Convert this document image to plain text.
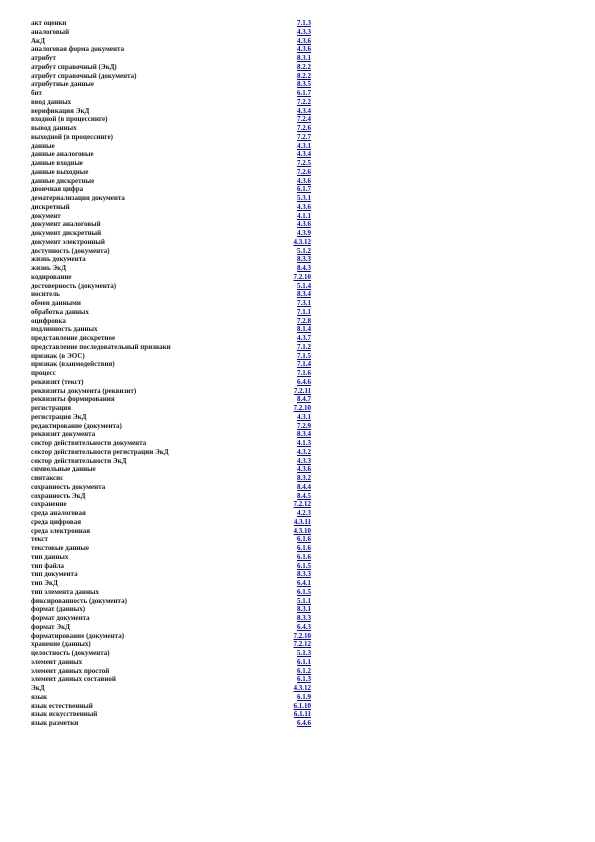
акт оценки	7.1.3
аналоговый	4.3.3
АкД	4.3.6
аналоговая форма документа	4.3.6
атрибут	8.3.1
атрибут справочный (ЭкД)	8.2.2
атрибут справочный (документа)	8.2.2
атрибутные данные	8.3.5
бит	6.1.7
ввод данных	7.2.2
верификация ЭкД	4.3.4
входной (в процессинге)	7.2.4
вывод данных	7.2.6
выходной (в процессинге)	7.2.7
данные	4.3.1
данные аналоговые	4.3.4
данные входные	7.2.5
данные выходные	7.2.6
данные дискретные	4.3.6
двоичная цифра	6.1.7
дематериализация документа	5.3.1
дискретный	4.3.6
документ	4.1.1
документ аналоговый	4.3.6
документ дискретный	4.3.9
документ электронный	4.3.12
доступность (документа)	5.1.2
жизнь документа	8.3.3
жизнь ЭкД	8.4.3
кодирование	7.2.10
достоверность (документа)	5.1.4
носитель	8.3.4
обмен данными	7.3.1
обработка данных	7.1.1
оцифровка	7.2.8
подлинность данных	8.1.4
представление дискретное	4.3.7
представление последовательный признаки	7.1.2
признак (в ЭОС)	7.1.5
признак (взаимодействия)	7.1.4
процесс	7.1.6
реквизит (текст)	6.4.6
реквизиты документа (реквизит)	7.2.11
реквизиты формирования	8.4.7
регистрация	7.2.10
регистрация ЭкД	4.3.1
редактирование (документа)	7.2.9
реквизит документа	8.3.4
сектор действительности документа	4.1.3
сектор действительности регистрации ЭкД	4.3.2
сектор действительности ЭкД	4.3.3
символьные данные	4.3.6
синтаксис	8.3.2
сохранность документа	8.4.4
сохранность ЭкД	8.4.5
сохранение	7.2.12
среда аналоговая	4.2.3
среда цифровая	4.3.11
среда электронная	4.3.10
текст	6.1.6
текстовые данные	6.1.6
тип данных	6.1.6
тип файла	6.1.5
тип документа	8.3.3
тип ЭкД	6.4.1
тип элемента данных	6.1.5
фиксированность (документа)	5.1.1
формат (данных)	8.3.1
формат документа	8.3.3
формат ЭкД	6.4.3
форматирование (документа)	7.2.10
хранение (данных)	7.2.12
целостность (документа)	5.1.3
элемент данных	6.1.1
элемент данных простой	6.1.2
элемент данных составной	6.1.3
ЭкД	4.3.12
язык	6.1.9
язык естественный	6.1.10
язык искусственный	6.1.11
язык разметки	6.4.6
